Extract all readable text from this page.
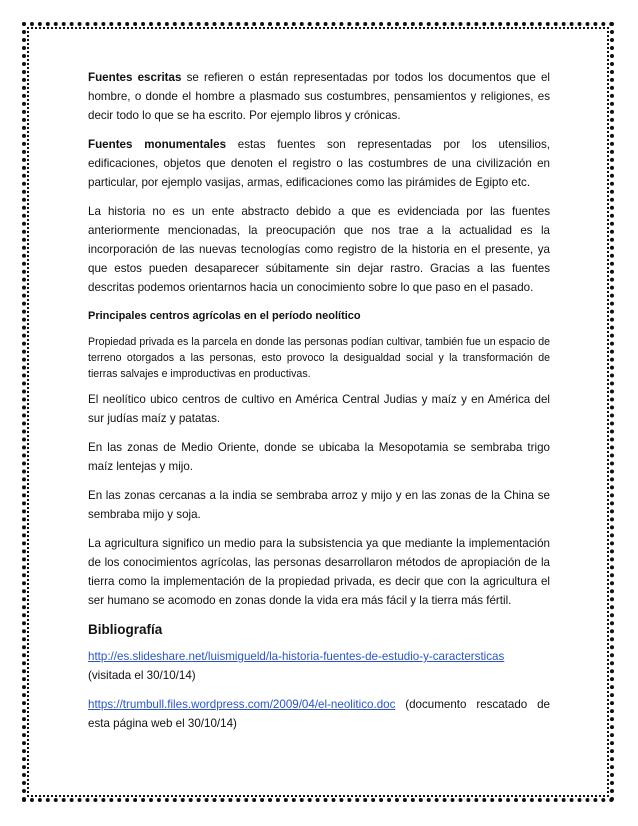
Fuentes escritas se refieren o están representadas por todos los documentos que el hombre, o donde el hombre a plasmado sus costumbres, pensamientos y religiones, es decir todo lo que se ha escrito. Por ejemplo libros y crónicas.

Fuentes monumentales estas fuentes son representadas por los utensilios, edificaciones, objetos que denoten el registro o las costumbres de una civilización en particular, por ejemplo vasijas, armas, edificaciones como las pirámides de Egipto etc.

La historia no es un ente abstracto debido a que es evidenciada por las fuentes anteriormente mencionadas, la preocupación que nos trae a la actualidad es la incorporación de las nuevas tecnologías como registro de la historia en el presente, ya que estos pueden desaparecer súbitamente sin dejar rastro. Gracias a las fuentes descritas podemos orientarnos hacia un conocimiento sobre lo que paso en el pasado.

Principales centros agrícolas en el período neolítico

Propiedad privada es la parcela en donde las personas podían cultivar, también fue un espacio de terreno otorgados a las personas, esto provoco la desigualdad social y la transformación de tierras salvajes e improductivas en productivas.

El neolítico ubico centros de cultivo en América Central Judias y maíz y en América del sur judías maíz y patatas.

En las zonas de Medio Oriente, donde se ubicaba la Mesopotamia se sembraba trigo maíz lentejas y mijo.

En las zonas cercanas a la india se sembraba arroz y mijo y en las zonas de la China se sembraba mijo y soja.

La agricultura significo un medio para la subsistencia ya que mediante la implementación de los conocimientos agrícolas, las personas desarrollaron métodos de apropiación de la tierra como la implementación de la propiedad privada, es decir que con la agricultura el ser humano se acomodo en zonas donde la vida era más fácil y la tierra más fértil.

Bibliografía

http://es.slideshare.net/luismigueld/la-historia-fuentes-de-estudio-y-caractersticas
(visitada el 30/10/14)

https://trumbull.files.wordpress.com/2009/04/el-neolitico.doc (documento rescatado de esta página web el 30/10/14)
